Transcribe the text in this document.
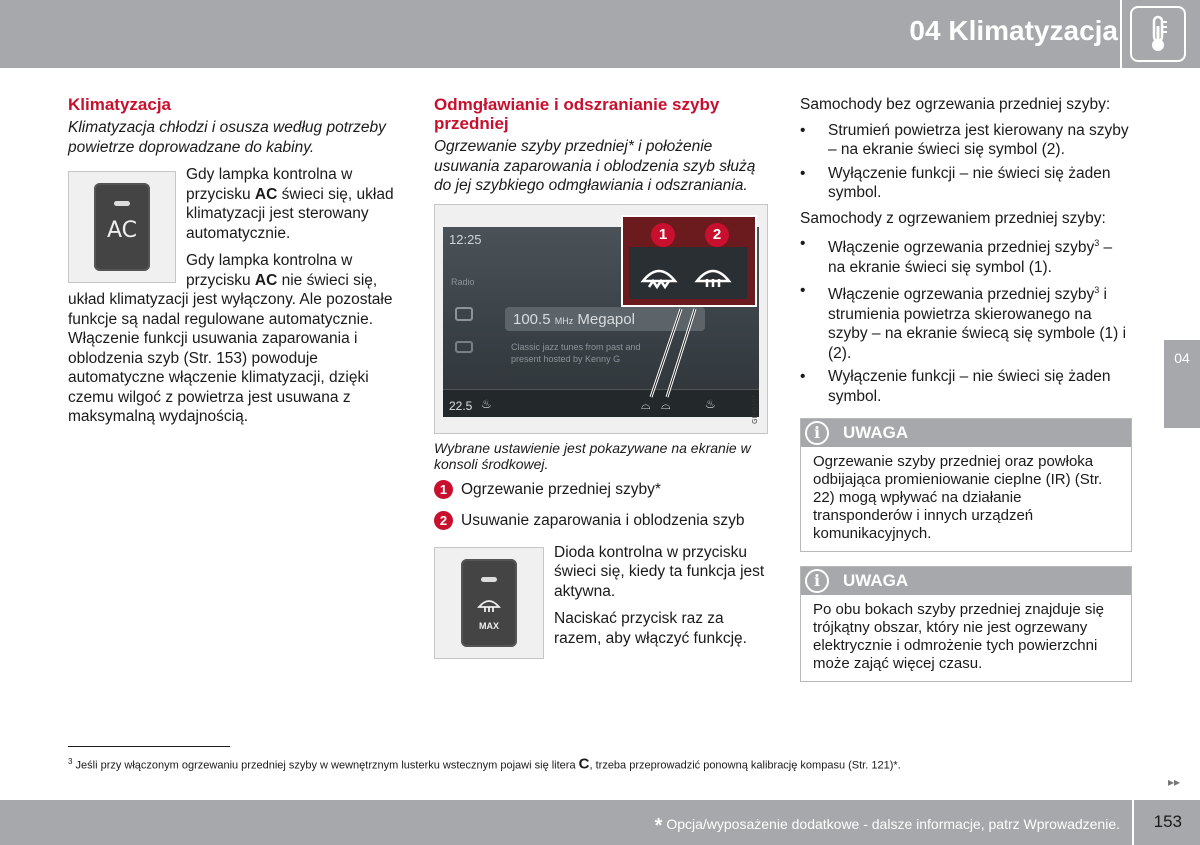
04 Klimatyzacja
04
Klimatyzacja

Klimatyzacja chłodzi i osusza według potrzeby powietrze doprowadzane do kabiny.

AC

Gdy lampka kontrolna w przycisku AC świeci się, układ klimatyzacji jest sterowany automatycznie.

Gdy lampka kontrolna w przycisku AC nie świeci się, układ klimatyzacji jest wyłączony. Ale pozostałe funkcje są nadal regulowane automatycznie. Włączenie funkcji usuwania zaparowania i oblodzenia szyb (Str. 153) powoduje automatyczne włączenie klimatyzacji, dzięki czemu wilgoć z powietrza jest usuwana z maksymalną wydajnością.

Odmgławianie i odszranianie szyby przedniej

Ogrzewanie szyby przedniej* i położenie usuwania zaparowania i oblodzenia szyb służą do jej szybkiego odmgławiania i odszraniania.

12:25
Radio
100.5 MHz Megapol
Classic jazz tunes from past and present hosted by Kenny G
22.5 ♨	⌓ ⌓	♨
1	2
G046167
Wybrane ustawienie jest pokazywane na ekranie w konsoli środkowej.
1 Ogrzewanie przedniej szyby*
2 Usuwanie zaparowania i oblodzenia szyb
MAX

Dioda kontrolna w przycisku świeci się, kiedy ta funkcja jest aktywna.

Naciskać przycisk raz za razem, aby włączyć funkcję.

Samochody bez ogrzewania przedniej szyby:

• Strumień powietrza jest kierowany na szyby – na ekranie świeci się symbol (2).
• Wyłączenie funkcji – nie świeci się żaden symbol.

Samochody z ogrzewaniem przedniej szyby:

• Włączenie ogrzewania przedniej szyby$^3$ – na ekranie świeci się symbol (1).
• Włączenie ogrzewania przedniej szyby$^3$ i strumienia powietrza skierowanego na szyby – na ekranie świecą się symbole (1) i (2).
• Wyłączenie funkcji – nie świeci się żaden symbol.
i	UWAGA
Ogrzewanie szyby przedniej oraz powłoka odbijająca promieniowanie cieplne (IR) (Str. 22) mogą wpływać na działanie transponderów i innych urządzeń komunikacyjnych.
i	UWAGA
Po obu bokach szyby przedniej znajduje się trójkątny obszar, który nie jest ogrzewany elektrycznie i odmrożenie tych powierzchni może zająć więcej czasu.
$^3$ Jeśli przy włączonym ogrzewaniu przedniej szyby w wewnętrznym lusterku wstecznym pojawi się litera C, trzeba przeprowadzić ponowną kalibrację kompasu (Str. 121)*.
▸▸
* Opcja/wyposażenie dodatkowe - dalsze informacje, patrz Wprowadzenie. 153
